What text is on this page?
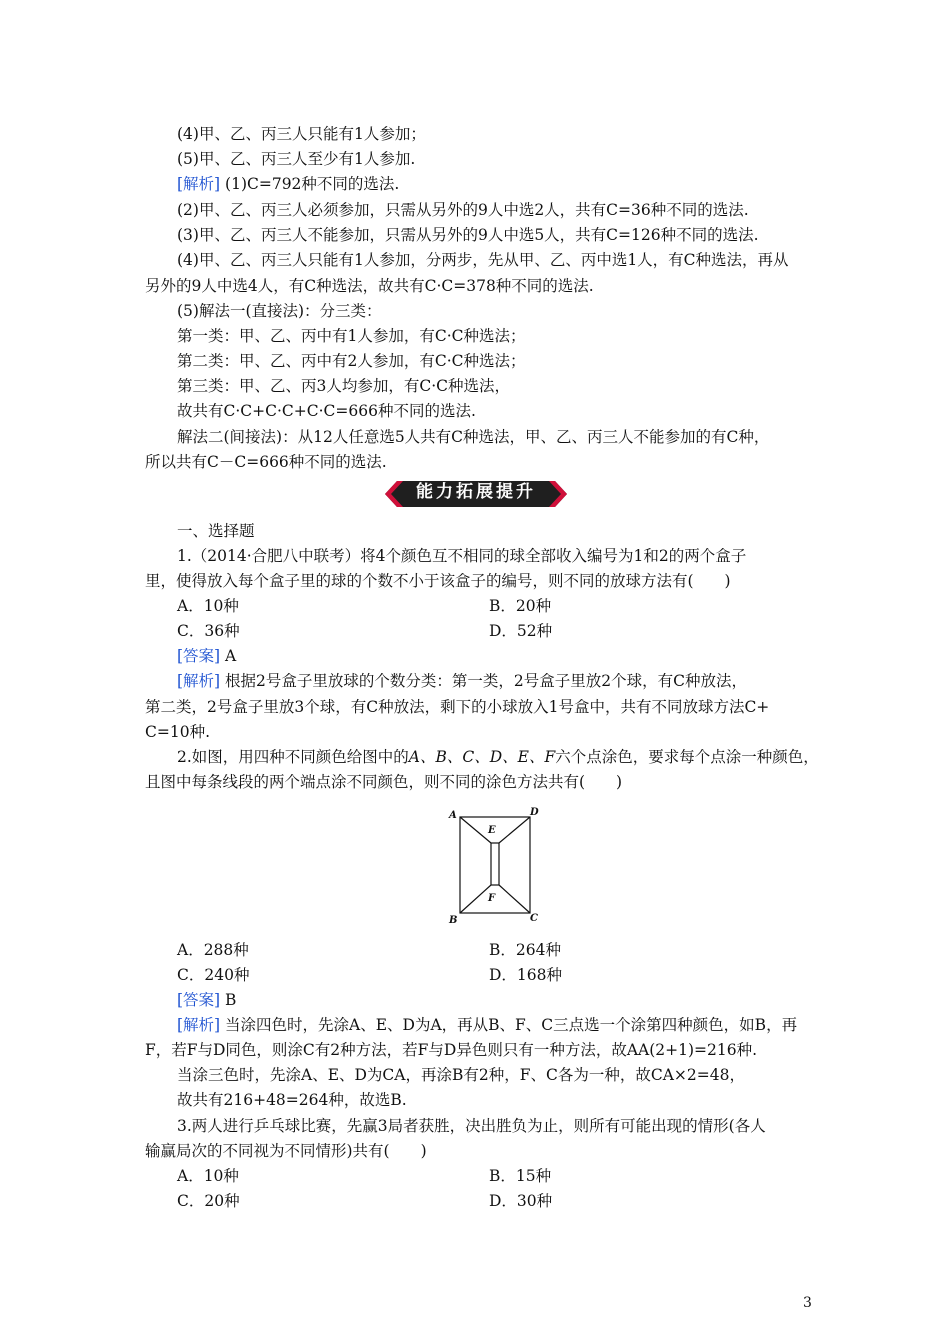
(4)甲、乙、丙三人只能有1人参加；
(5)甲、乙、丙三人至少有1人参加.
[解析] (1)C=792种不同的选法.
(2)甲、乙、丙三人必须参加，只需从另外的9人中选2人，共有C=36种不同的选法.
(3)甲、乙、丙三人不能参加，只需从另外的9人中选5人，共有C=126种不同的选法.
(4)甲、乙、丙三人只能有1人参加，分两步，先从甲、乙、丙中选1人，有C种选法，再从
另外的9人中选4人，有C种选法，故共有C·C=378种不同的选法.
(5)解法一(直接法)：分三类：
第一类：甲、乙、丙中有1人参加，有C·C种选法；
第二类：甲、乙、丙中有2人参加，有C·C种选法；
第三类：甲、乙、丙3人均参加，有C·C种选法，
故共有C·C+C·C+C·C=666种不同的选法.
解法二(间接法)：从12人任意选5人共有C种选法，甲、乙、丙三人不能参加的有C种，
所以共有C－C=666种不同的选法.
能力拓展提升
一、选择题
1.（2014·合肥八中联考）将4个颜色互不相同的球全部收入编号为1和2的两个盒子
里，使得放入每个盒子里的球的个数不小于该盒子的编号，则不同的放球方法有(　　)
A．10种	B．20种
C．36种	D．52种
[答案] A
[解析] 根据2号盒子里放球的个数分类：第一类，2号盒子里放2个球，有C种放法，
第二类，2号盒子里放3个球，有C种放法，剩下的小球放入1号盒中，共有不同放球方法C+
C=10种.
2.如图，用四种不同颜色给图中的A、B、C、D、E、F六个点涂色，要求每个点涂一种颜色，
且图中每条线段的两个端点涂不同颜色，则不同的涂色方法共有(　　)
A	D
E
F
B	C
A．288种	B．264种
C．240种	D．168种
[答案] B
[解析] 当涂四色时，先涂A、E、D为A，再从B、F、C三点选一个涂第四种颜色，如B，再
F，若F与D同色，则涂C有2种方法，若F与D异色则只有一种方法，故AA(2+1)=216种.
当涂三色时，先涂A、E、D为CA，再涂B有2种，F、C各为一种，故CA×2=48，
故共有216+48=264种，故选B.
3.两人进行乒乓球比赛，先赢3局者获胜，决出胜负为止，则所有可能出现的情形(各人
输赢局次的不同视为不同情形)共有(　　)
A．10种	B．15种
C．20种	D．30种
3
